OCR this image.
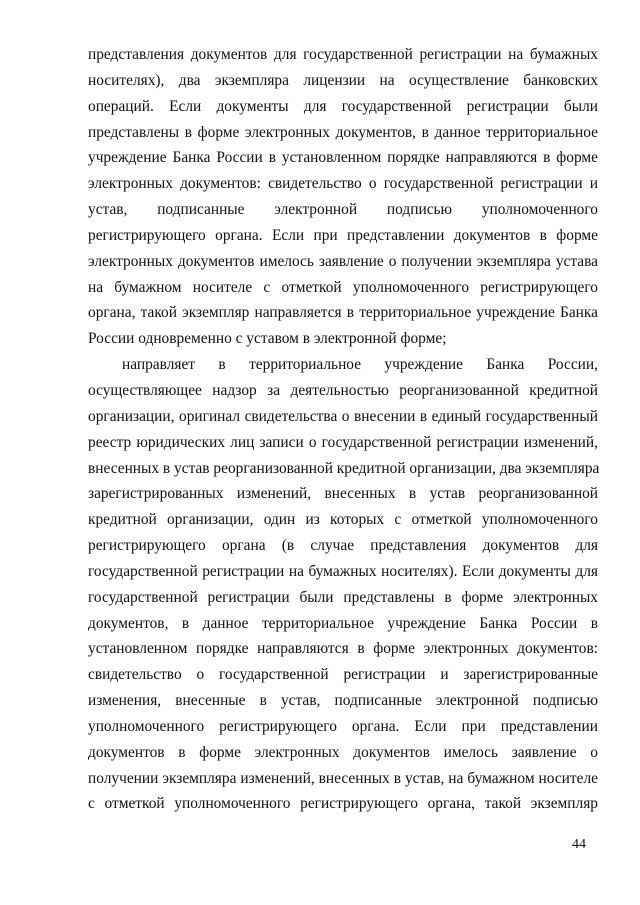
представления документов для государственной регистрации на бумажных
носителях), два экземпляра лицензии на осуществление банковских
операций. Если документы для государственной регистрации были
представлены в форме электронных документов, в данное территориальное
учреждение Банка России в установленном порядке направляются в форме
электронных документов: свидетельство о государственной регистрации и
устав, подписанные электронной подписью уполномоченного
регистрирующего органа. Если при представлении документов в форме
электронных документов имелось заявление о получении экземпляра устава
на бумажном носителе с отметкой уполномоченного регистрирующего
органа, такой экземпляр направляется в территориальное учреждение Банка
России одновременно с уставом в электронной форме;
направляет в территориальное учреждение Банка России,
осуществляющее надзор за деятельностью реорганизованной кредитной
организации, оригинал свидетельства о внесении в единый государственный
реестр юридических лиц записи о государственной регистрации изменений,
внесенных в устав реорганизованной кредитной организации, два экземпляра
зарегистрированных изменений, внесенных в устав реорганизованной
кредитной организации, один из которых с отметкой уполномоченного
регистрирующего органа (в случае представления документов для
государственной регистрации на бумажных носителях). Если документы для
государственной регистрации были представлены в форме электронных
документов, в данное территориальное учреждение Банка России в
установленном порядке направляются в форме электронных документов:
свидетельство о государственной регистрации и зарегистрированные
изменения, внесенные в устав, подписанные электронной подписью
уполномоченного регистрирующего органа. Если при представлении
документов в форме электронных документов имелось заявление о
получении экземпляра изменений, внесенных в устав, на бумажном носителе
с отметкой уполномоченного регистрирующего органа, такой экземпляр
44
